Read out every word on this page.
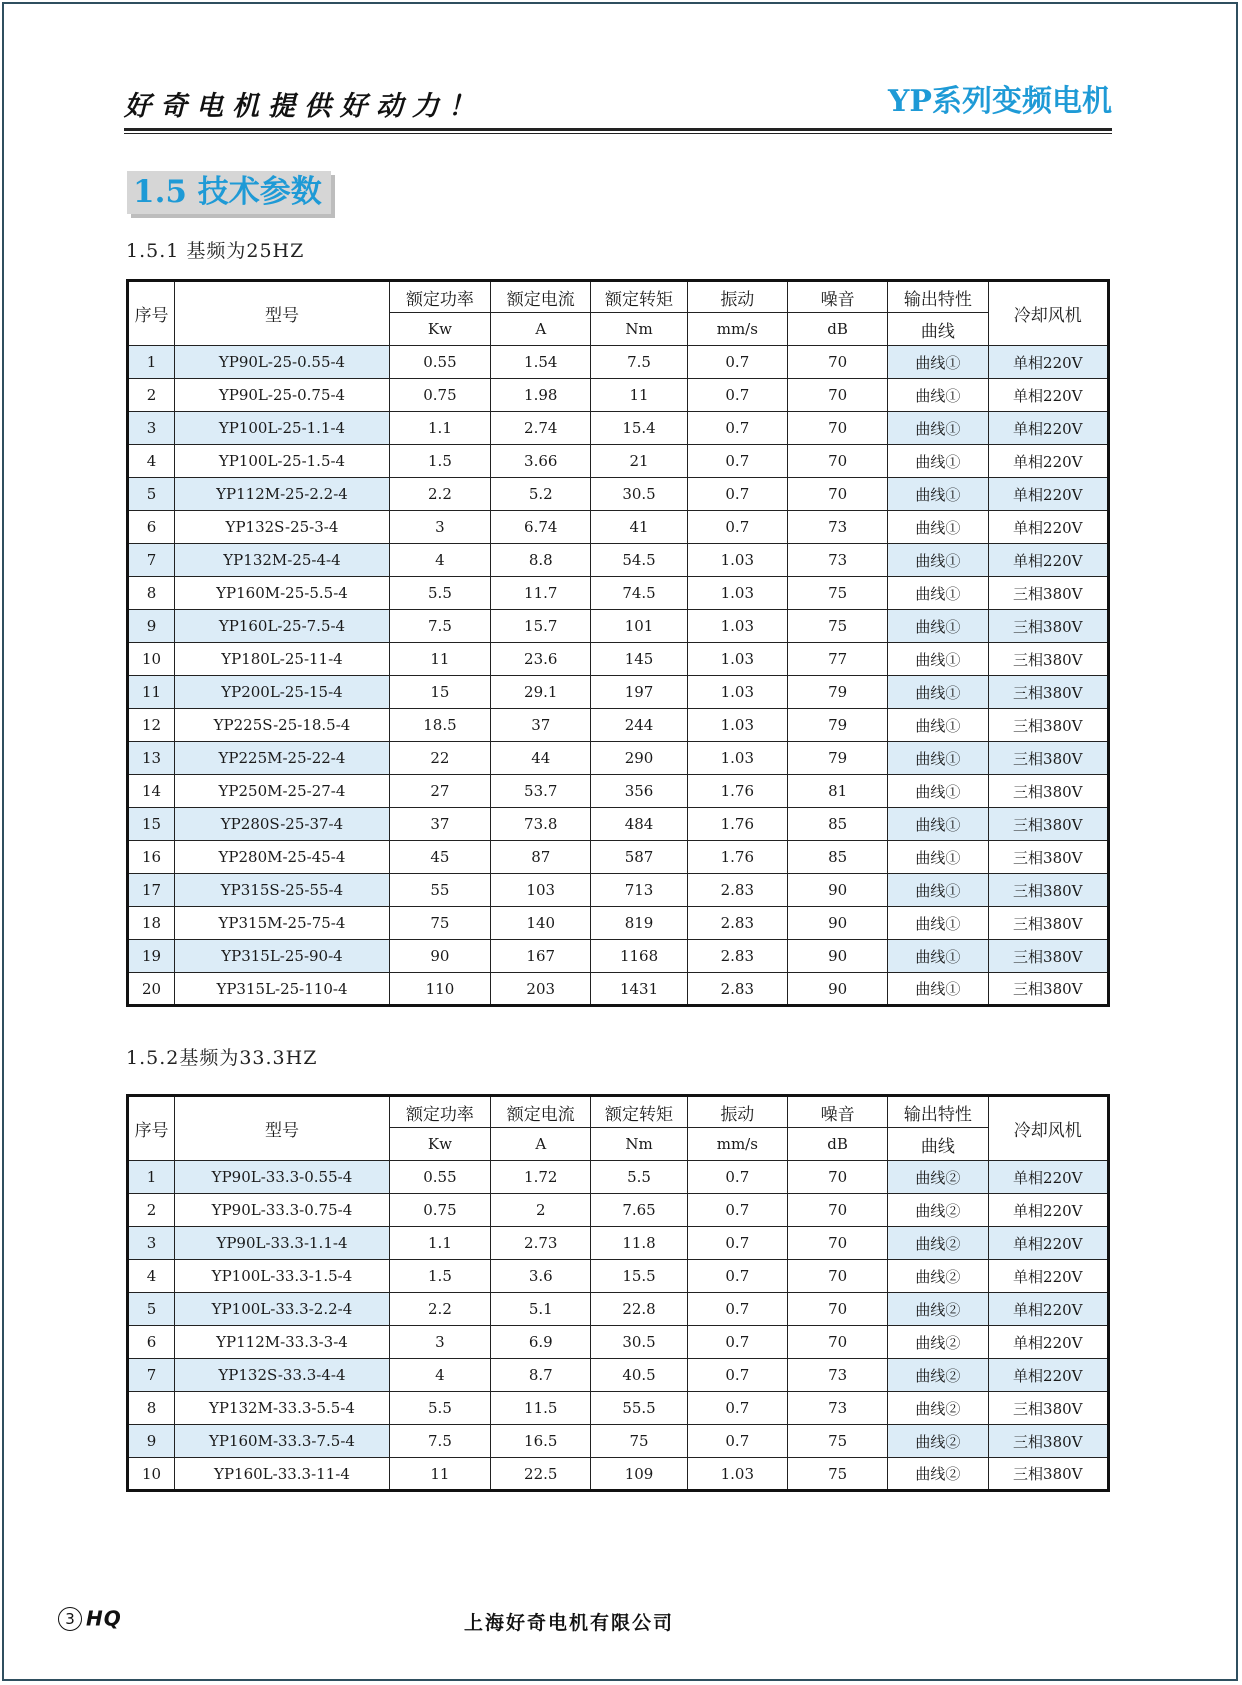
好奇电机提供好动力！	YP系列变频电机
1.5 技术参数
1.5.1 基频为25HZ
序号	型号	额定功率	额定电流	额定转矩	振动	噪音	输出特性	冷却风机
		Kw	A	Nm	mm/s	dB	曲线	
1	YP90L-25-0.55-4	0.55	1.54	7.5	0.7	70	曲线①	单相220V
2	YP90L-25-0.75-4	0.75	1.98	11	0.7	70	曲线①	单相220V
3	YP100L-25-1.1-4	1.1	2.74	15.4	0.7	70	曲线①	单相220V
4	YP100L-25-1.5-4	1.5	3.66	21	0.7	70	曲线①	单相220V
5	YP112M-25-2.2-4	2.2	5.2	30.5	0.7	70	曲线①	单相220V
6	YP132S-25-3-4	3	6.74	41	0.7	73	曲线①	单相220V
7	YP132M-25-4-4	4	8.8	54.5	1.03	73	曲线①	单相220V
8	YP160M-25-5.5-4	5.5	11.7	74.5	1.03	75	曲线①	三相380V
9	YP160L-25-7.5-4	7.5	15.7	101	1.03	75	曲线①	三相380V
10	YP180L-25-11-4	11	23.6	145	1.03	77	曲线①	三相380V
11	YP200L-25-15-4	15	29.1	197	1.03	79	曲线①	三相380V
12	YP225S-25-18.5-4	18.5	37	244	1.03	79	曲线①	三相380V
13	YP225M-25-22-4	22	44	290	1.03	79	曲线①	三相380V
14	YP250M-25-27-4	27	53.7	356	1.76	81	曲线①	三相380V
15	YP280S-25-37-4	37	73.8	484	1.76	85	曲线①	三相380V
16	YP280M-25-45-4	45	87	587	1.76	85	曲线①	三相380V
17	YP315S-25-55-4	55	103	713	2.83	90	曲线①	三相380V
18	YP315M-25-75-4	75	140	819	2.83	90	曲线①	三相380V
19	YP315L-25-90-4	90	167	1168	2.83	90	曲线①	三相380V
20	YP315L-25-110-4	110	203	1431	2.83	90	曲线①	三相380V
1.5.2基频为33.3HZ
序号	型号	额定功率	额定电流	额定转矩	振动	噪音	输出特性	冷却风机
		Kw	A	Nm	mm/s	dB	曲线	
1	YP90L-33.3-0.55-4	0.55	1.72	5.5	0.7	70	曲线②	单相220V
2	YP90L-33.3-0.75-4	0.75	2	7.65	0.7	70	曲线②	单相220V
3	YP90L-33.3-1.1-4	1.1	2.73	11.8	0.7	70	曲线②	单相220V
4	YP100L-33.3-1.5-4	1.5	3.6	15.5	0.7	70	曲线②	单相220V
5	YP100L-33.3-2.2-4	2.2	5.1	22.8	0.7	70	曲线②	单相220V
6	YP112M-33.3-3-4	3	6.9	30.5	0.7	70	曲线②	单相220V
7	YP132S-33.3-4-4	4	8.7	40.5	0.7	73	曲线②	单相220V
8	YP132M-33.3-5.5-4	5.5	11.5	55.5	0.7	73	曲线②	三相380V
9	YP160M-33.3-7.5-4	7.5	16.5	75	0.7	75	曲线②	三相380V
10	YP160L-33.3-11-4	11	22.5	109	1.03	75	曲线②	三相380V
3 HQ	上海好奇电机有限公司
